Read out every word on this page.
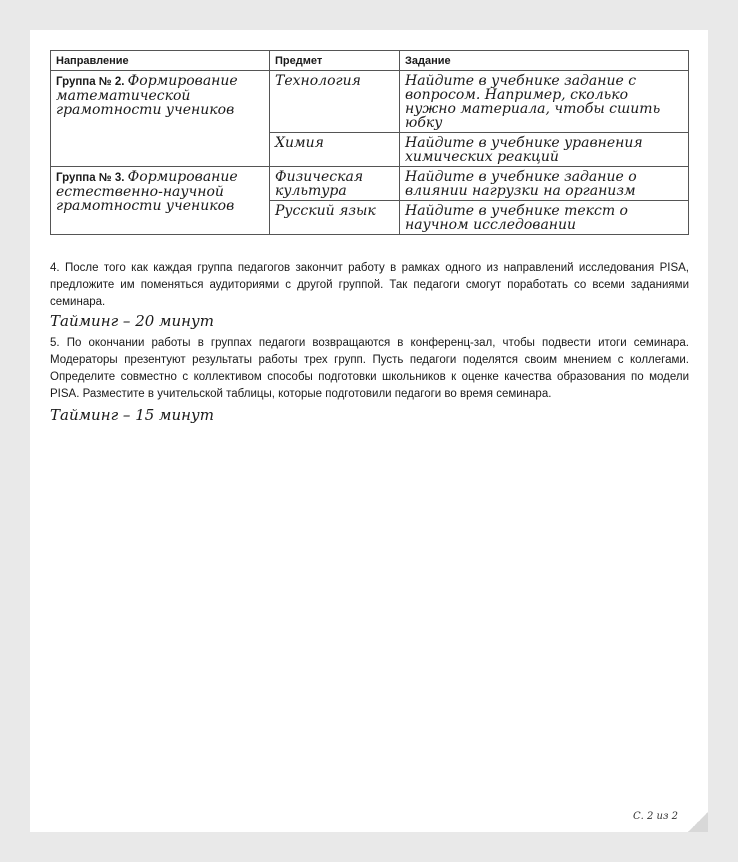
Направление	Предмет	Задание
Группа № 2. Формирование математической грамотности учеников	Технология	Найдите в учебнике задание с вопросом. Например, сколько нужно материала, чтобы сшить юбку
	Химия	Найдите в учебнике уравнения химических реакций
Группа № 3. Формирование естественно-научной грамотности учеников	Физическая культура	Найдите в учебнике задание о влиянии нагрузки на организм
	Русский язык	Найдите в учебнике текст о научном исследовании

4. После того как каждая группа педагогов закончит работу в рамках одного из направлений исследования PISA, предложите им поменяться аудиториями с другой группой. Так педагоги смогут поработать со всеми заданиями семинара.

Тайминг – 20 минут

5. По окончании работы в группах педагоги возвращаются в конференц-зал, чтобы подвести итоги семинара. Модераторы презентуют результаты работы трех групп. Пусть педагоги поделятся своим мнением с коллегами. Определите совместно с коллективом способы подготовки школьников к оценке качества образования по модели PISA. Разместите в учительской таблицы, которые подготовили педагоги во время семинара.

Тайминг – 15 минут

С. 2 из 2
